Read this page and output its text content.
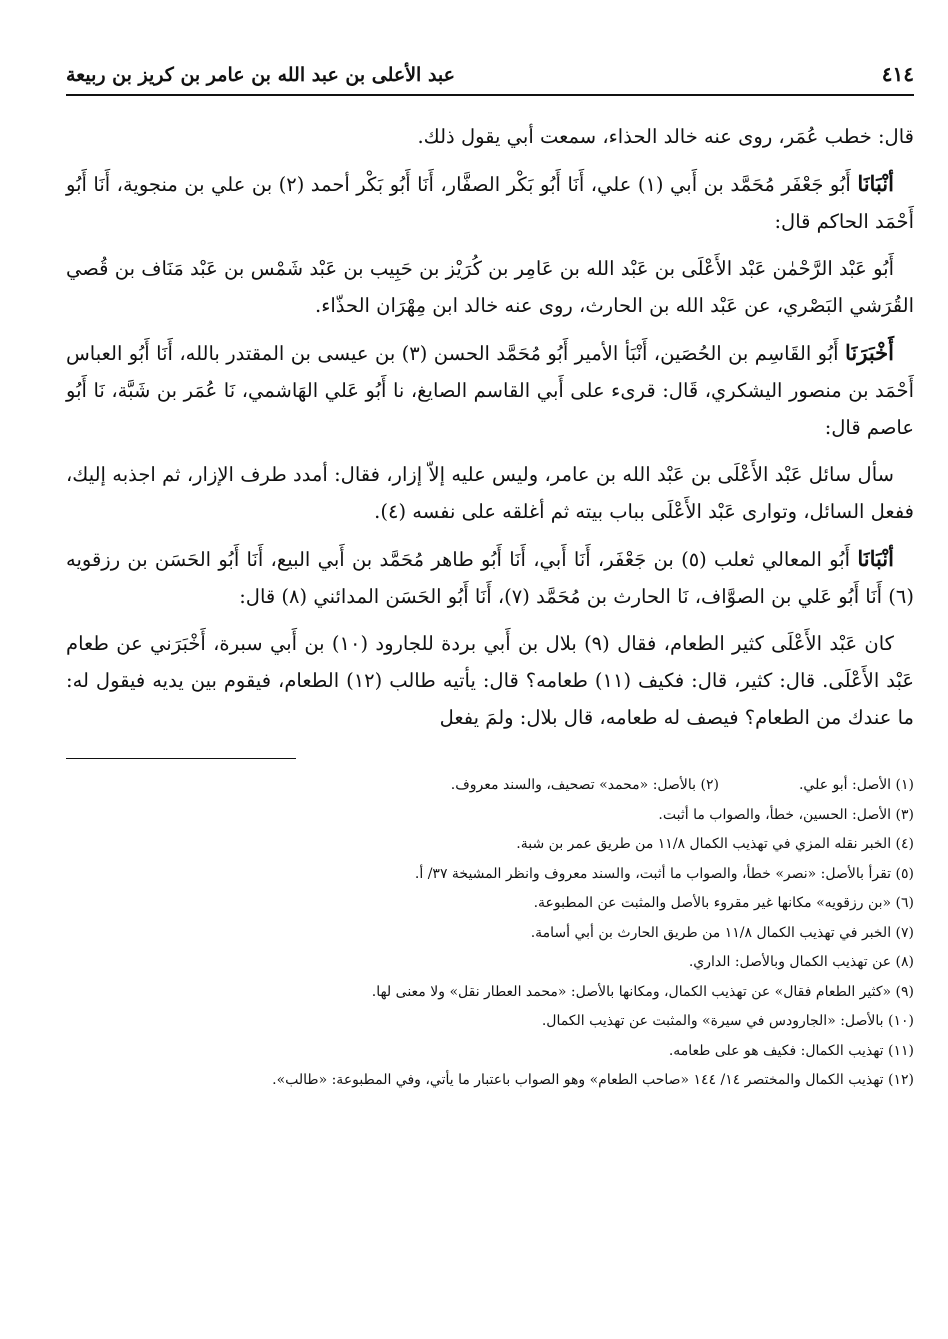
٤١٤
عبد الأعلى بن عبد الله بن عامر بن كريز بن ربيعة

قال: خطب عُمَر، روى عنه خالد الحذاء، سمعت أبي يقول ذلك.

أنْبَانَا أَبُو جَعْفَر مُحَمَّد بن أَبي (١) علي، أَنَا أَبُو بَكْر الصفَّار، أَنَا أَبُو بَكْر أحمد (٢) بن علي بن منجوية، أَنَا أَبُو أَحْمَد الحاكم قال:

أَبُو عَبْد الرَّحْمٰن عَبْد الأَعْلَى بن عَبْد الله بن عَامِر بن كُرَيْز بن حَبِيب بن عَبْد شَمْس بن عَبْد مَنَاف بن قُصي القُرَشي البَصْري، عن عَبْد الله بن الحارث، روى عنه خالد ابن مِهْرَان الحذّاء.

أَخْبَرَنَا أَبُو القَاسِم بن الحُصَين، أَنْبَأ الأمير أَبُو مُحَمَّد الحسن (٣) بن عيسى بن المقتدر بالله، أَنَا أَبُو العباس أَحْمَد بن منصور اليشكري، قَال: قرىء على أَبي القاسم الصايغ، نا أَبُو عَلي الهَاشمي، نَا عُمَر بن شَبَّة، نَا أَبُو عاصم قال:

سأل سائل عَبْد الأَعْلَى بن عَبْد الله بن عامر، وليس عليه إلاّ إزار، فقال: أمدد طرف الإزار، ثم اجذبه إليك، ففعل السائل، وتوارى عَبْد الأَعْلَى بباب بيته ثم أغلقه على نفسه (٤).

أنْبَانَا أَبُو المعالي ثعلب (٥) بن جَعْفَر، أَنَا أَبي، أَنَا أَبُو طاهر مُحَمَّد بن أَبي البيع، أَنَا أَبُو الحَسَن بن رزقويه (٦) أَنَا أَبُو عَلي بن الصوَّاف، نَا الحارث بن مُحَمَّد (٧)، أَنَا أَبُو الحَسَن المدائني (٨) قال:

كان عَبْد الأَعْلَى كثير الطعام، فقال (٩) بلال بن أَبي بردة للجارود (١٠) بن أَبي سبرة، أَخْبَرَني عن طعام عَبْد الأَعْلَى. قال: كثير، قال: فكيف (١١) طعامه؟ قال: يأتيه طالب (١٢) الطعام، فيقوم بين يديه فيقول له: ما عندك من الطعام؟ فيصف له طعامه، قال بلال: ولمَ يفعل

(١) الأصل: أبو علي.
(٢) بالأصل: «محمد» تصحيف، والسند معروف.
(٣) الأصل: الحسين، خطأ، والصواب ما أثبت.
(٤) الخبر نقله المزي في تهذيب الكمال ١١/٨ من طريق عمر بن شبة.
(٥) تقرأ بالأصل: «نصر» خطأ، والصواب ما أثبت، والسند معروف وانظر المشيخة ٣٧/ أ.
(٦) «بن رزقويه» مكانها غير مقروء بالأصل والمثبت عن المطبوعة.
(٧) الخبر في تهذيب الكمال ١١/٨ من طريق الحارث بن أبي أسامة.
(٨) عن تهذيب الكمال وبالأصل: الداري.
(٩) «كثير الطعام فقال» عن تهذيب الكمال، ومكانها بالأصل: «محمد العطار نقل» ولا معنى لها.
(١٠) بالأصل: «الجارودس في سيرة» والمثبت عن تهذيب الكمال.
(١١) تهذيب الكمال: فكيف هو على طعامه.
(١٢) تهذيب الكمال والمختصر ١٤/ ١٤٤ «صاحب الطعام» وهو الصواب باعتبار ما يأتي، وفي المطبوعة: «طالب».
